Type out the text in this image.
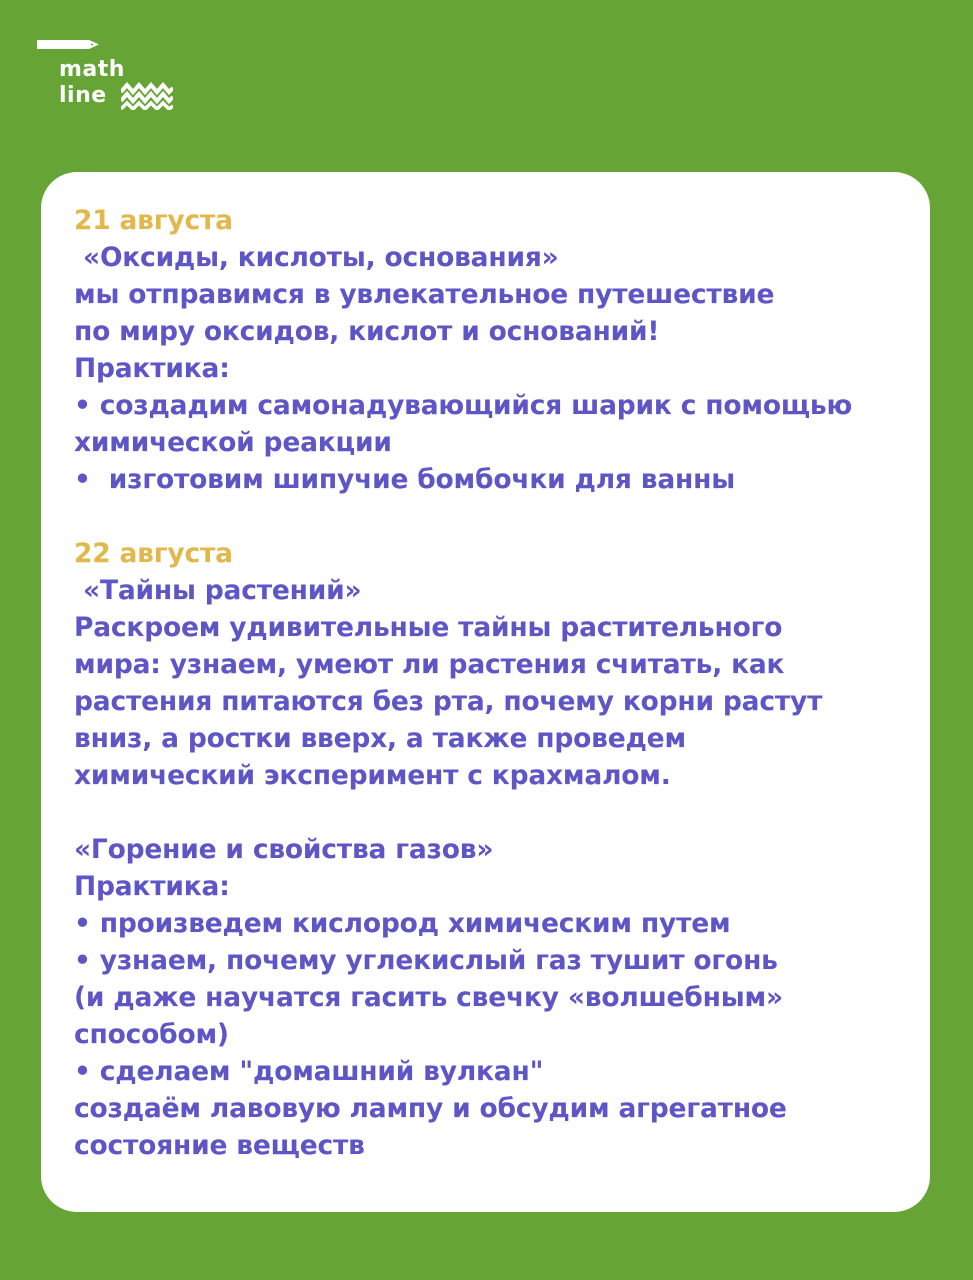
math
line
21 августа
«Оксиды, кислоты, основания»
мы отправимся в увлекательное путешествие
по миру оксидов, кислот и оснований!
Практика:
• создадим самонадувающийся шарик с помощью
химической реакции
•  изготовим шипучие бомбочки для ванны
22 августа
«Тайны растений»
Раскроем удивительные тайны растительного
мира: узнаем, умеют ли растения считать, как
растения питаются без рта, почему корни растут
вниз, а ростки вверх, а также проведем
химический эксперимент с крахмалом.
«Горение и свойства газов»
Практика:
• произведем кислород химическим путем
• узнаем, почему углекислый газ тушит огонь
(и даже научатся гасить свечку «волшебным»
способом)
• сделаем "домашний вулкан"
создаём лавовую лампу и обсудим агрегатное
состояние веществ
